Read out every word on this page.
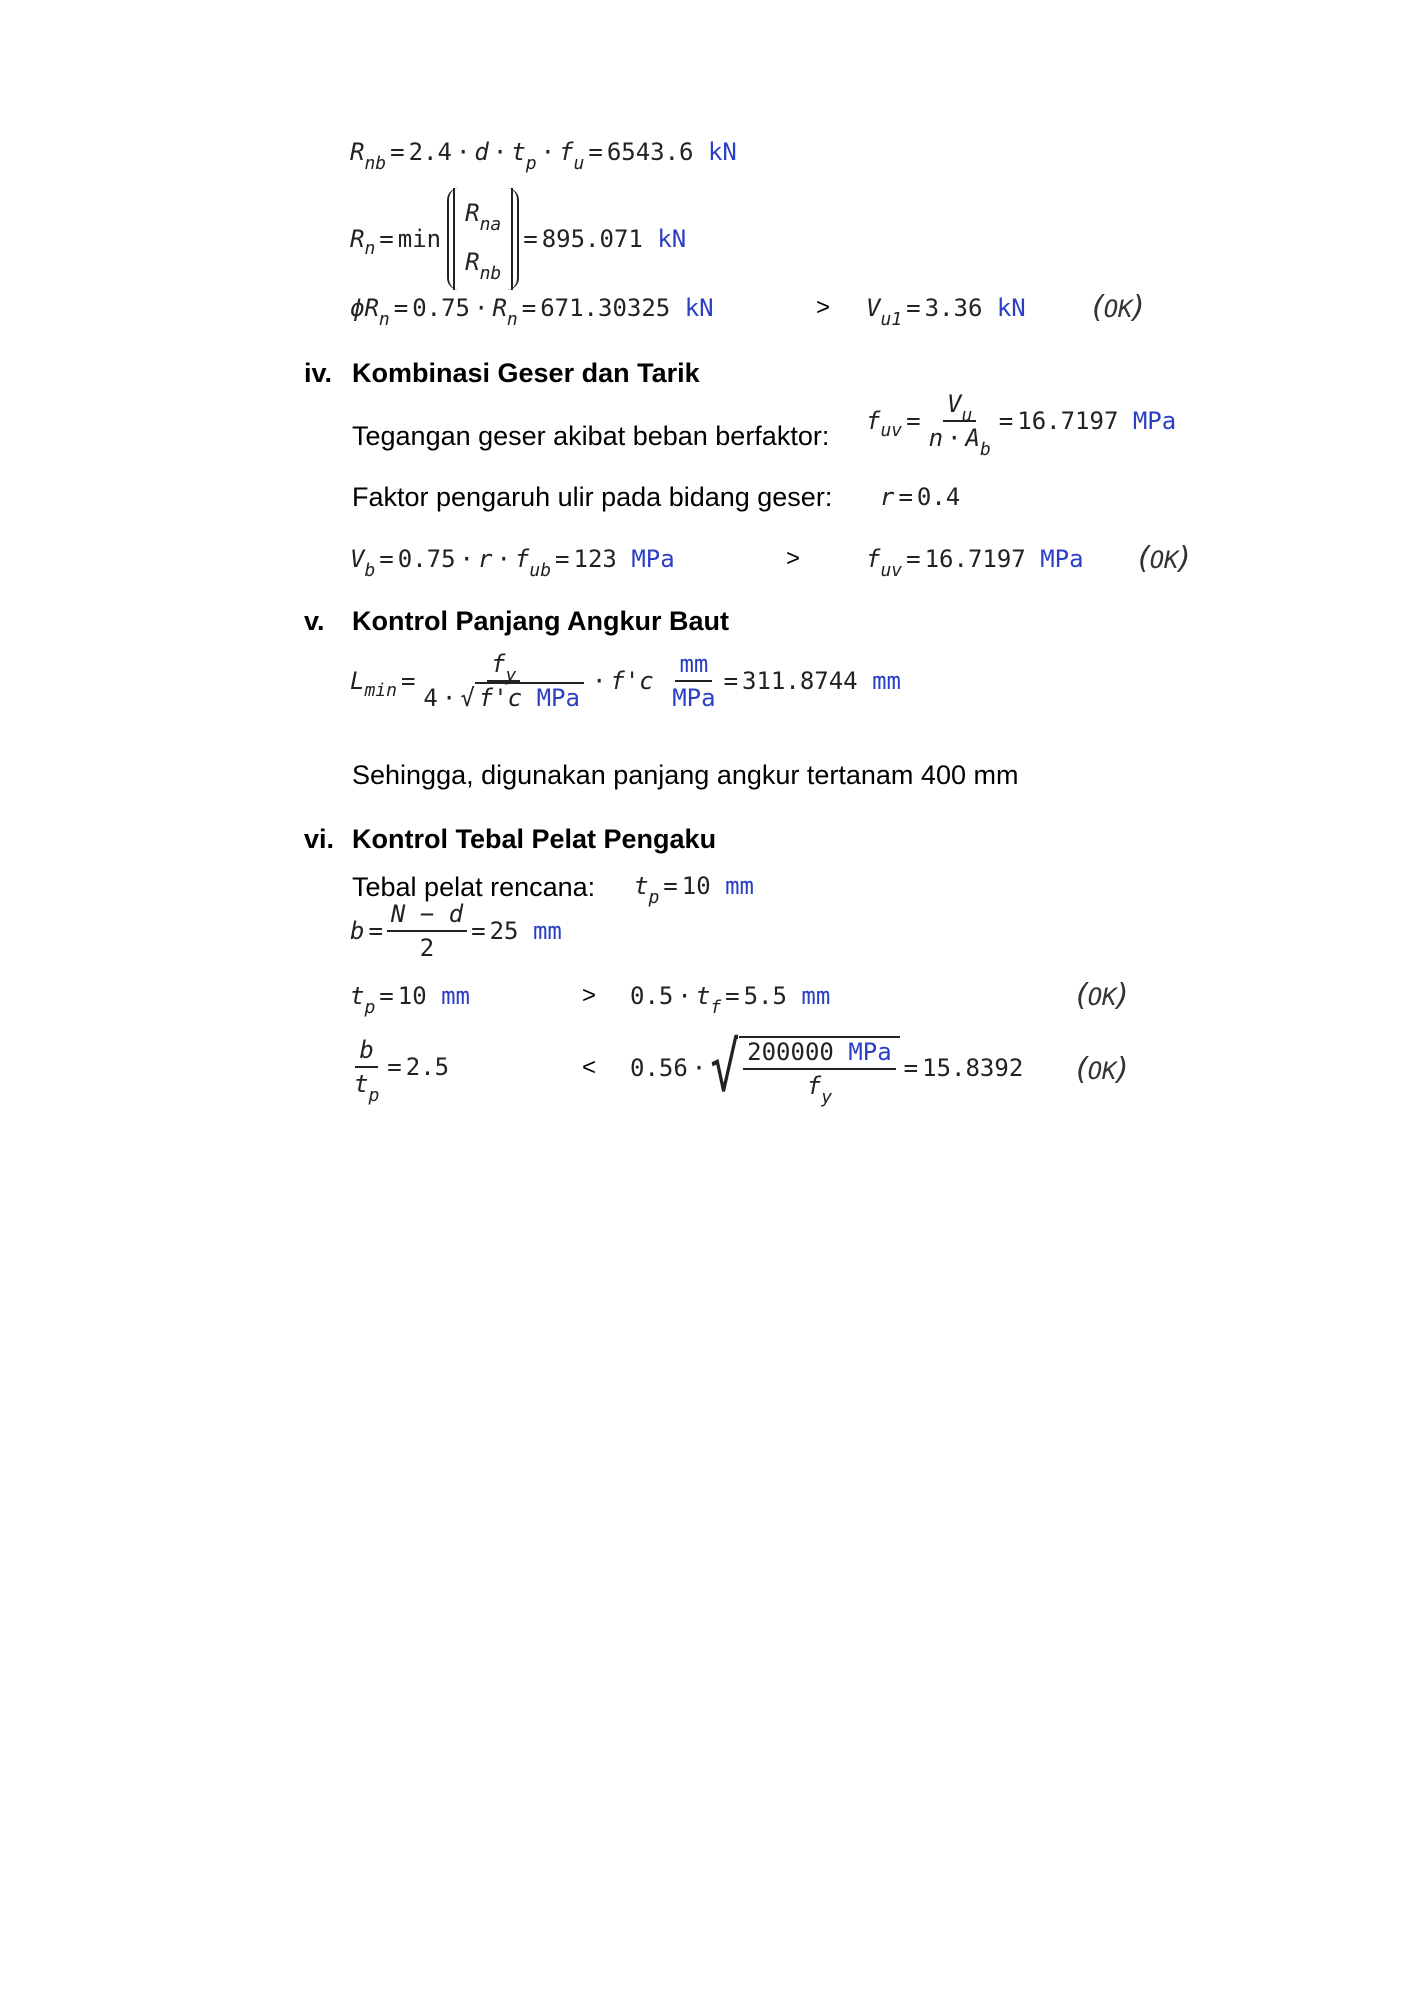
$R_{nb} = 2.4 \cdot d \cdot t_p \cdot f_u = 6543.6$ kN
R n = min
$R_{na}$
$R_{nb}$
= 895.071
kN
$\phi R_n = 0.75 \cdot R_n = 671.30325$ kN	> $V_{u1} = 3.36$ kN (OK)
iv. Kombinasi Geser dan Tarik
Tegangan geser akibat beban berfaktor: f uv = $\frac{V_u}{n \cdot A_b} = 16.7197$
MPa
Faktor pengaruh ulir pada bidang geser: r = 0.4
$V_b = 0.75 \cdot r \cdot f_{ub} = 123$ MPa	>	$f_{uv} = 16.7197$ MPa (OK)
v. Kontrol Panjang Angkur Baut
L $\min = \frac{f_y}{\text{4 · √ f'c MPa}} \cdot f'c$
$\frac{mm}{\text{MPa}} = 311.8744$
mm
Sehingga, digunakan panjang angkur tertanam 400 mm
vi. Kontrol Tebal Pelat Pengaku
Tebal pelat rencana: $t_p = 10$ mm
$b = \frac{N - d}{2} = 25$
mm
$t_p = 10$ mm	> $0.5 \cdot t_f = 5.5$ mm	(OK)
$\frac{b}{t_p} = 2.5$	< 0.56 · √ $\frac{\text{200000 MPa}}{f_y} = 15.8392$ (OK)
